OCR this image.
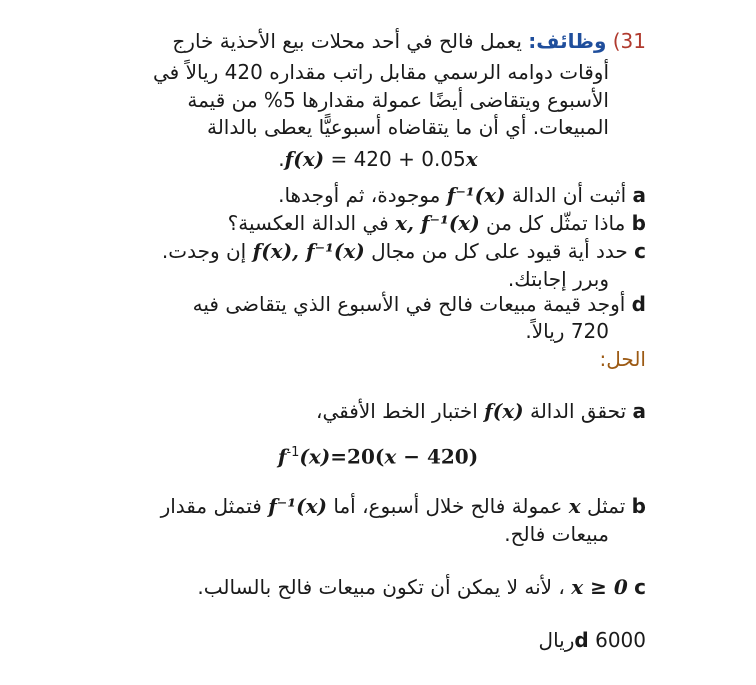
31) وظائف: يعمل فالح في أحد محلات بيع الأحذية خارج
أوقات دوامه الرسمي مقابل راتب مقداره 420 ريالاً في
الأسبوع ويتقاضى أيضًا عمولة مقدارها 5% من قيمة
المبيعات. أي أن ما يتقاضاه أسبوعيًّا يعطى بالدالة
.f(x) = 420 + 0.05x
a أثبت أن الدالة f⁻¹(x) موجودة، ثم أوجدها.
b ماذا تمثّل كل من x, f⁻¹(x) في الدالة العكسية؟
c حدد أية قيود على كل من مجال f(x), f⁻¹(x) إن وجدت.
وبرر إجابتك.
d أوجد قيمة مبيعات فالح في الأسبوع الذي يتقاضى فيه
720 ريالاً.
الحل:
a تحقق الدالة f(x) اختبار الخط الأفقي،
$f^{-1}(x)=20(x - 420)$
b تمثل x عمولة فالح خلال أسبوع، أما f⁻¹(x) فتمثل مقدار
مبيعات فالح.
c x ≥ 0 ، لأنه لا يمكن أن تكون مبيعات فالح بالسالب.
d 6000ريال
